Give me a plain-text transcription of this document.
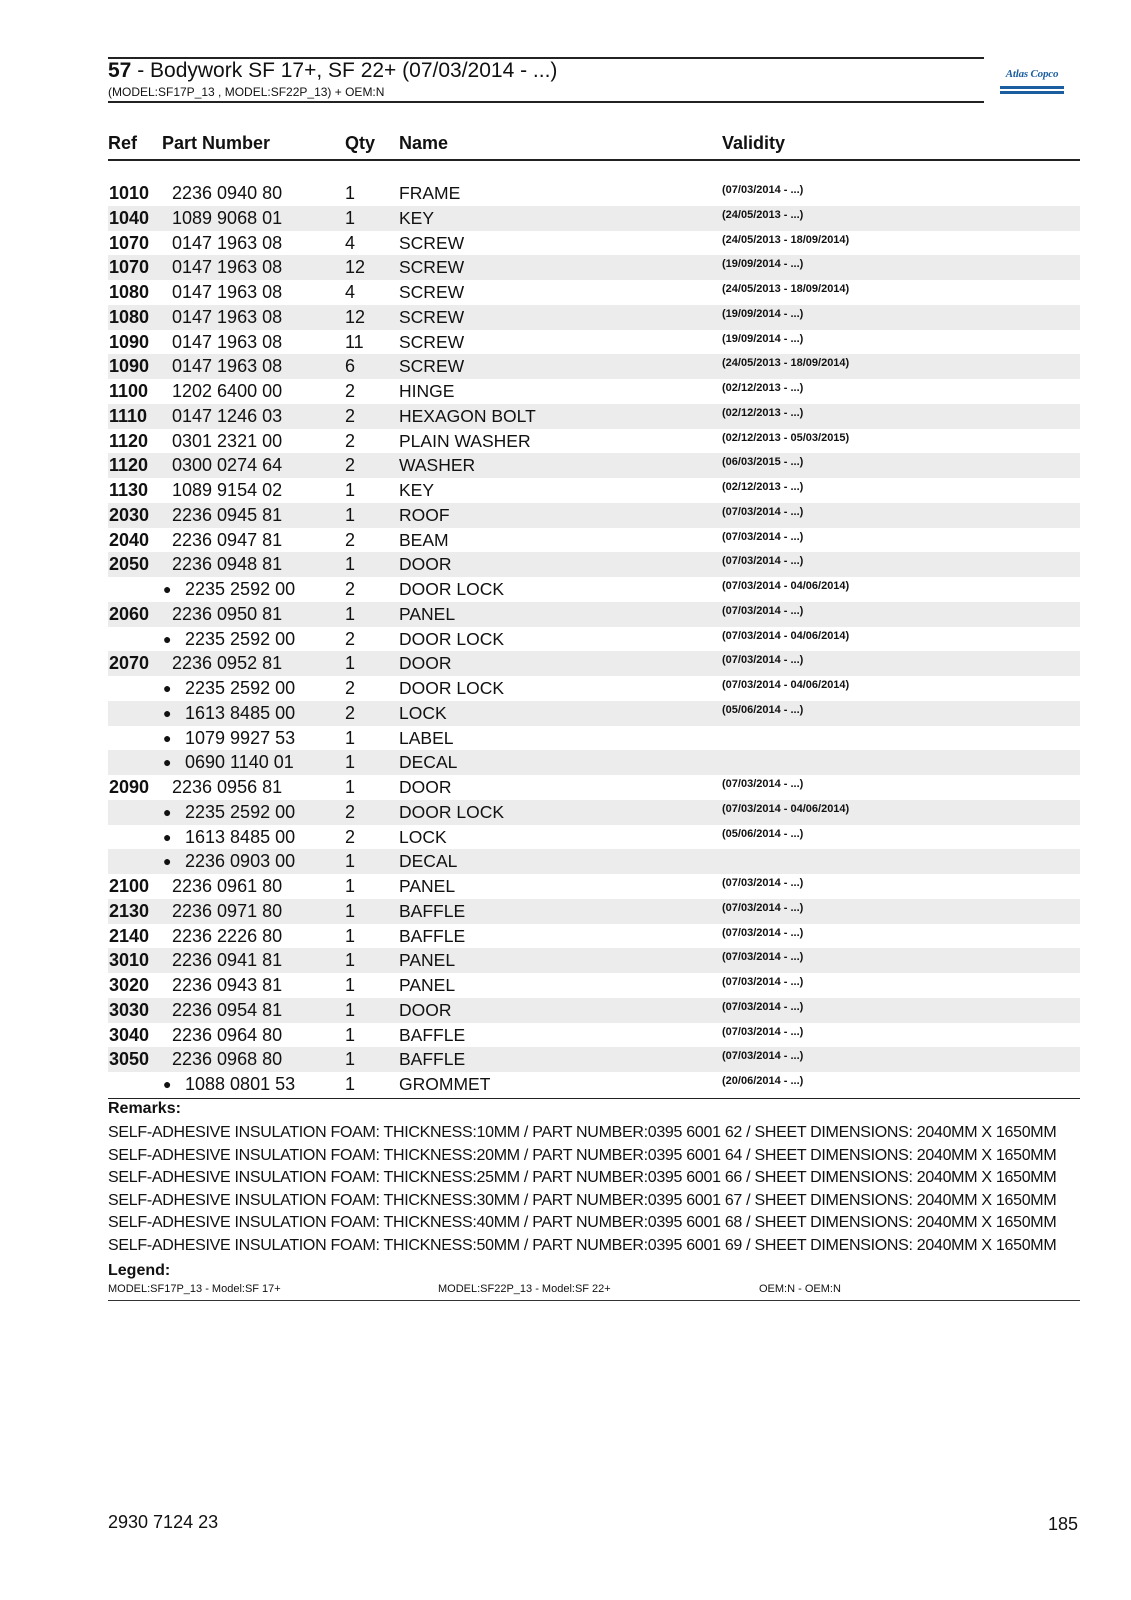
57 - Bodywork SF 17+, SF 22+ (07/03/2014 - ...)
(MODEL:SF17P_13 , MODEL:SF22P_13) + OEM:N
Atlas Copco
Ref Part Number	Qty Name	Validity
1010 2236 0940 80	1	FRAME	(07/03/2014 - ...)
1040 1089 9068 01	1	KEY	(24/05/2013 - ...)
1070 0147 1963 08	4	SCREW	(24/05/2013 - 18/09/2014)
1070 0147 1963 08	12 SCREW	(19/09/2014 - ...)
1080 0147 1963 08	4	SCREW	(24/05/2013 - 18/09/2014)
1080 0147 1963 08	12 SCREW	(19/09/2014 - ...)
1090 0147 1963 08	11 SCREW	(19/09/2014 - ...)
1090 0147 1963 08	6	SCREW	(24/05/2013 - 18/09/2014)
1100 1202 6400 00	2	HINGE	(02/12/2013 - ...)
1110 0147 1246 03	2	HEXAGON BOLT	(02/12/2013 - ...)
1120 0301 2321 00	2	PLAIN WASHER	(02/12/2013 - 05/03/2015)
1120 0300 0274 64	2	WASHER	(06/03/2015 - ...)
1130 1089 9154 02	1	KEY	(02/12/2013 - ...)
2030 2236 0945 81	1	ROOF	(07/03/2014 - ...)
2040 2236 0947 81	2	BEAM	(07/03/2014 - ...)
2050 2236 0948 81	1	DOOR	(07/03/2014 - ...)
● 2235 2592 00	2	DOOR LOCK	(07/03/2014 - 04/06/2014)
2060 2236 0950 81	1	PANEL	(07/03/2014 - ...)
● 2235 2592 00	2	DOOR LOCK	(07/03/2014 - 04/06/2014)
2070 2236 0952 81	1	DOOR	(07/03/2014 - ...)
● 2235 2592 00	2	DOOR LOCK	(07/03/2014 - 04/06/2014)
● 1613 8485 00	2	LOCK	(05/06/2014 - ...)
● 1079 9927 53	1	LABEL
● 0690 1140 01	1	DECAL
2090 2236 0956 81	1	DOOR	(07/03/2014 - ...)
● 2235 2592 00	2	DOOR LOCK	(07/03/2014 - 04/06/2014)
● 1613 8485 00	2	LOCK	(05/06/2014 - ...)
● 2236 0903 00	1	DECAL
2100 2236 0961 80	1	PANEL	(07/03/2014 - ...)
2130 2236 0971 80	1	BAFFLE	(07/03/2014 - ...)
2140 2236 2226 80	1	BAFFLE	(07/03/2014 - ...)
3010 2236 0941 81	1	PANEL	(07/03/2014 - ...)
3020 2236 0943 81	1	PANEL	(07/03/2014 - ...)
3030 2236 0954 81	1	DOOR	(07/03/2014 - ...)
3040 2236 0964 80	1	BAFFLE	(07/03/2014 - ...)
3050 2236 0968 80	1	BAFFLE	(07/03/2014 - ...)
● 1088 0801 53	1	GROMMET	(20/06/2014 - ...)
Remarks:
SELF-ADHESIVE INSULATION FOAM: THICKNESS:10MM / PART NUMBER:0395 6001 62 / SHEET DIMENSIONS: 2040MM X 1650MM
SELF-ADHESIVE INSULATION FOAM: THICKNESS:20MM / PART NUMBER:0395 6001 64 / SHEET DIMENSIONS: 2040MM X 1650MM
SELF-ADHESIVE INSULATION FOAM: THICKNESS:25MM / PART NUMBER:0395 6001 66 / SHEET DIMENSIONS: 2040MM X 1650MM
SELF-ADHESIVE INSULATION FOAM: THICKNESS:30MM / PART NUMBER:0395 6001 67 / SHEET DIMENSIONS: 2040MM X 1650MM
SELF-ADHESIVE INSULATION FOAM: THICKNESS:40MM / PART NUMBER:0395 6001 68 / SHEET DIMENSIONS: 2040MM X 1650MM
SELF-ADHESIVE INSULATION FOAM: THICKNESS:50MM / PART NUMBER:0395 6001 69 / SHEET DIMENSIONS: 2040MM X 1650MM
Legend:
MODEL:SF17P_13 - Model:SF 17+	MODEL:SF22P_13 - Model:SF 22+	OEM:N - OEM:N
2930 7124 23	185
